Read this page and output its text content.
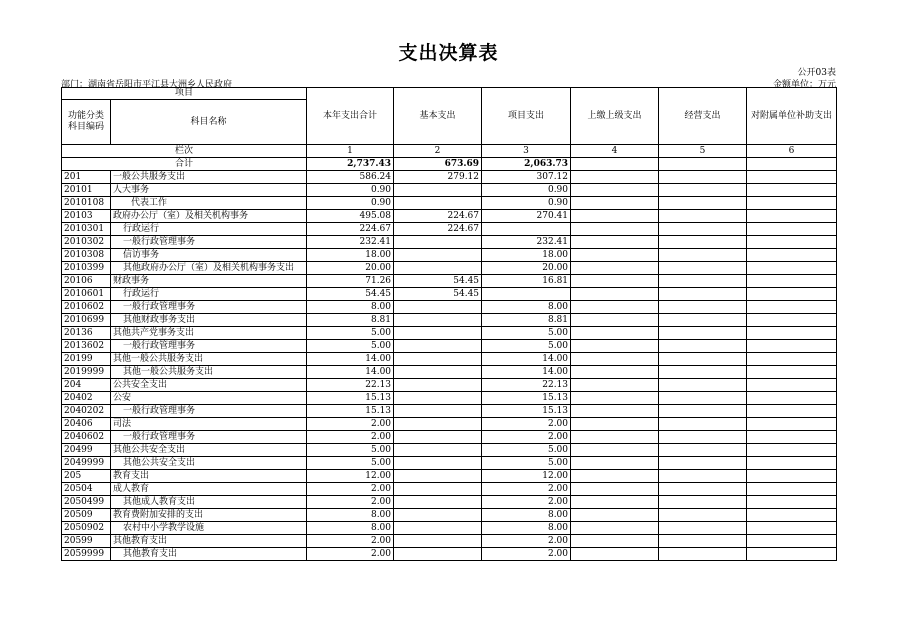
支出决算表
公开03表
部门：湖南省岳阳市平江县大洲乡人民政府	金额单位：万元
项目		本年支出合计	基本支出	项目支出	上缴上级支出	经营支出	对附属单位补助支出
功能分类科目编码	科目名称						

栏次		1	2	3	4	5	6
合计		2,737.43	673.69	2,063.73			
201	一般公共服务支出	586.24	279.12	307.12			
20101	人大事务	0.90		0.90			
2010108	代表工作	0.90		0.90			
20103	政府办公厅（室）及相关机构事务	495.08	224.67	270.41			
2010301	行政运行	224.67	224.67				
2010302	一般行政管理事务	232.41		232.41			
2010308	信访事务	18.00		18.00			
2010399	其他政府办公厅（室）及相关机构事务支出	20.00		20.00			
20106	财政事务	71.26	54.45	16.81			
2010601	行政运行	54.45	54.45				
2010602	一般行政管理事务	8.00		8.00			
2010699	其他财政事务支出	8.81		8.81			
20136	其他共产党事务支出	5.00		5.00			
2013602	一般行政管理事务	5.00		5.00			
20199	其他一般公共服务支出	14.00		14.00			
2019999	其他一般公共服务支出	14.00		14.00			
204	公共安全支出	22.13		22.13			
20402	公安	15.13		15.13			
2040202	一般行政管理事务	15.13		15.13			
20406	司法	2.00		2.00			
2040602	一般行政管理事务	2.00		2.00			
20499	其他公共安全支出	5.00		5.00			
2049999	其他公共安全支出	5.00		5.00			
205	教育支出	12.00		12.00			
20504	成人教育	2.00		2.00			
2050499	其他成人教育支出	2.00		2.00			
20509	教育费附加安排的支出	8.00		8.00			
2050902	农村中小学教学设施	8.00		8.00			
20599	其他教育支出	2.00		2.00			
2059999	其他教育支出	2.00		2.00			
